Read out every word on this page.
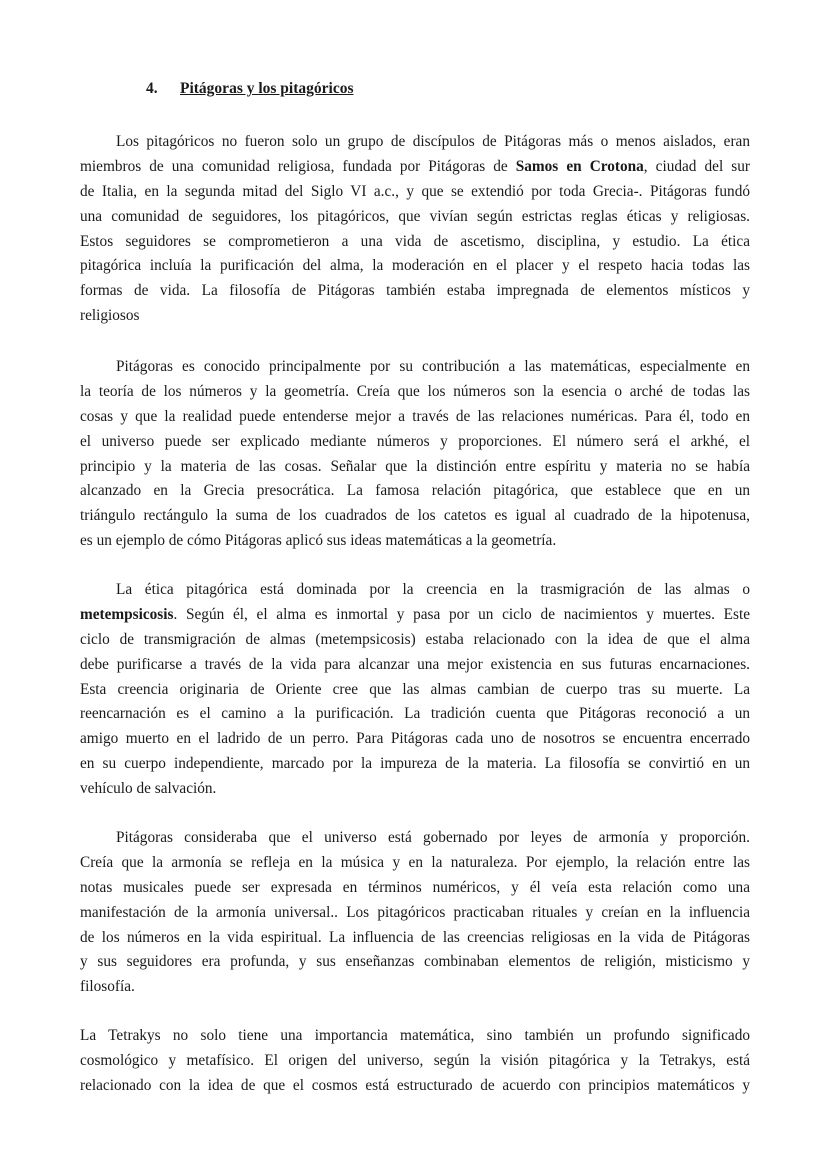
4. Pitágoras y los pitagóricos
Los pitagóricos no fueron solo un grupo de discípulos de Pitágoras más o menos aislados, eran
miembros de una comunidad religiosa, fundada por Pitágoras de Samos en Crotona, ciudad del sur
de Italia, en la segunda mitad del Siglo VI a.c., y que se extendió por toda Grecia-. Pitágoras fundó
una comunidad de seguidores, los pitagóricos, que vivían según estrictas reglas éticas y religiosas.
Estos seguidores se comprometieron a una vida de ascetismo, disciplina, y estudio. La ética
pitagórica incluía la purificación del alma, la moderación en el placer y el respeto hacia todas las
formas de vida. La filosofía de Pitágoras también estaba impregnada de elementos místicos y
religiosos
Pitágoras es conocido principalmente por su contribución a las matemáticas, especialmente en
la teoría de los números y la geometría. Creía que los números son la esencia o arché de todas las
cosas y que la realidad puede entenderse mejor a través de las relaciones numéricas. Para él, todo en
el universo puede ser explicado mediante números y proporciones. El número será el arkhé, el
principio y la materia de las cosas. Señalar que la distinción entre espíritu y materia no se había
alcanzado en la Grecia presocrática. La famosa relación pitagórica, que establece que en un
triángulo rectángulo la suma de los cuadrados de los catetos es igual al cuadrado de la hipotenusa,
es un ejemplo de cómo Pitágoras aplicó sus ideas matemáticas a la geometría.
La ética pitagórica está dominada por la creencia en la trasmigración de las almas o
metempsicosis. Según él, el alma es inmortal y pasa por un ciclo de nacimientos y muertes. Este
ciclo de transmigración de almas (metempsicosis) estaba relacionado con la idea de que el alma
debe purificarse a través de la vida para alcanzar una mejor existencia en sus futuras encarnaciones.
Esta creencia originaria de Oriente cree que las almas cambian de cuerpo tras su muerte. La
reencarnación es el camino a la purificación. La tradición cuenta que Pitágoras reconoció a un
amigo muerto en el ladrido de un perro. Para Pitágoras cada uno de nosotros se encuentra encerrado
en su cuerpo independiente, marcado por la impureza de la materia. La filosofía se convirtió en un
vehículo de salvación.
Pitágoras consideraba que el universo está gobernado por leyes de armonía y proporción.
Creía que la armonía se refleja en la música y en la naturaleza. Por ejemplo, la relación entre las
notas musicales puede ser expresada en términos numéricos, y él veía esta relación como una
manifestación de la armonía universal.. Los pitagóricos practicaban rituales y creían en la influencia
de los números en la vida espiritual. La influencia de las creencias religiosas en la vida de Pitágoras
y sus seguidores era profunda, y sus enseñanzas combinaban elementos de religión, misticismo y
filosofía.
La Tetrakys no solo tiene una importancia matemática, sino también un profundo significado
cosmológico y metafísico. El origen del universo, según la visión pitagórica y la Tetrakys, está
relacionado con la idea de que el cosmos está estructurado de acuerdo con principios matemáticos y
